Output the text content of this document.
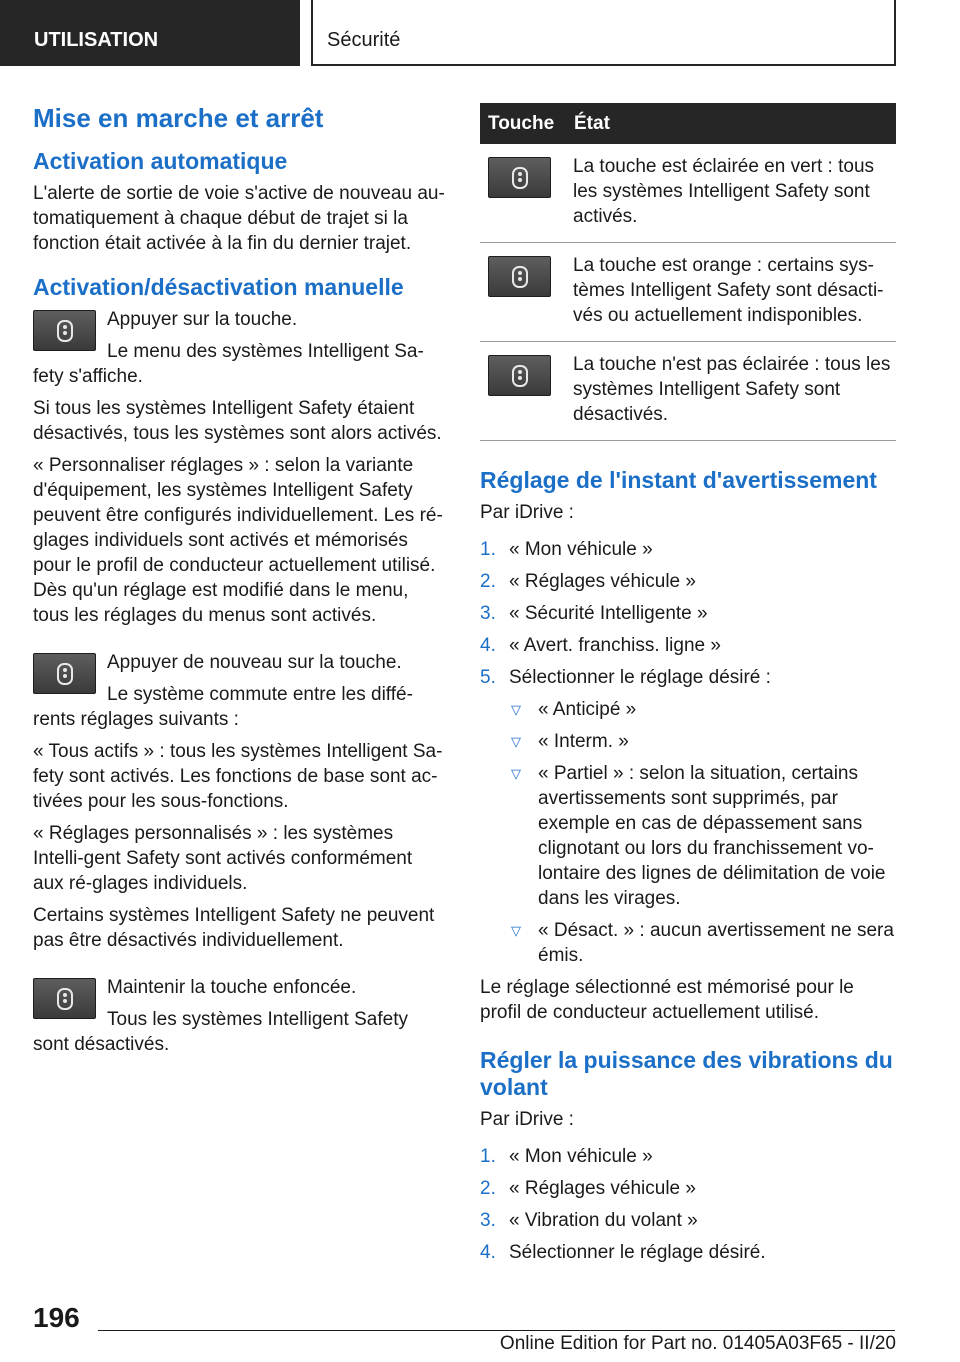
UTILISATION	Sécurité
Mise en marche et arrêt
Activation automatique

L'alerte de sortie de voie s'active de nouveau au-tomatiquement à chaque début de trajet si la fonction était activée à la fin du dernier trajet.

Activation/désactivation manuelle

Appuyer sur la touche.

Le menu des systèmes Intelligent Sa-fety s'affiche.

Si tous les systèmes Intelligent Safety étaient désactivés, tous les systèmes sont alors activés.

« Personnaliser réglages » : selon la variante d'équipement, les systèmes Intelligent Safety peuvent être configurés individuellement. Les ré-glages individuels sont activés et mémorisés pour le profil de conducteur actuellement utilisé. Dès qu'un réglage est modifié dans le menu, tous les réglages du menus sont activés.

Appuyer de nouveau sur la touche.

Le système commute entre les diffé-rents réglages suivants :

« Tous actifs » : tous les systèmes Intelligent Sa-fety sont activés. Les fonctions de base sont ac-tivées pour les sous-fonctions.

« Réglages personnalisés » : les systèmes Intelli-gent Safety sont activés conformément aux ré-glages individuels.

Certains systèmes Intelligent Safety ne peuvent pas être désactivés individuellement.

Maintenir la touche enfoncée.

Tous les systèmes Intelligent Safety sont désactivés.

Touche	État

	La touche est éclairée en vert : tous les systèmes Intelligent Safety sont activés.

	La touche est orange : certains sys-tèmes Intelligent Safety sont désacti-vés ou actuellement indisponibles.

	La touche n'est pas éclairée : tous les systèmes Intelligent Safety sont désactivés.
Réglage de l'instant d'avertissement

Par iDrive :

1. « Mon véhicule »
2. « Réglages véhicule »
3. « Sécurité Intelligente »
4. « Avert. franchiss. ligne »
5. Sélectionner le réglage désiré :
▽ « Anticipé »
▽ « Interm. »
▽ « Partiel » : selon la situation, certains avertissements sont supprimés, par exemple en cas de dépassement sans clignotant ou lors du franchissement vo-lontaire des lignes de délimitation de voie dans les virages.
▽ « Désact. » : aucun avertissement ne sera émis.

Le réglage sélectionné est mémorisé pour le profil de conducteur actuellement utilisé.

Régler la puissance des vibrations du volant

Par iDrive :

1. « Mon véhicule »
2. « Réglages véhicule »
3. « Vibration du volant »
4. Sélectionner le réglage désiré.
196
Online Edition for Part no. 01405A03F65 - II/20
